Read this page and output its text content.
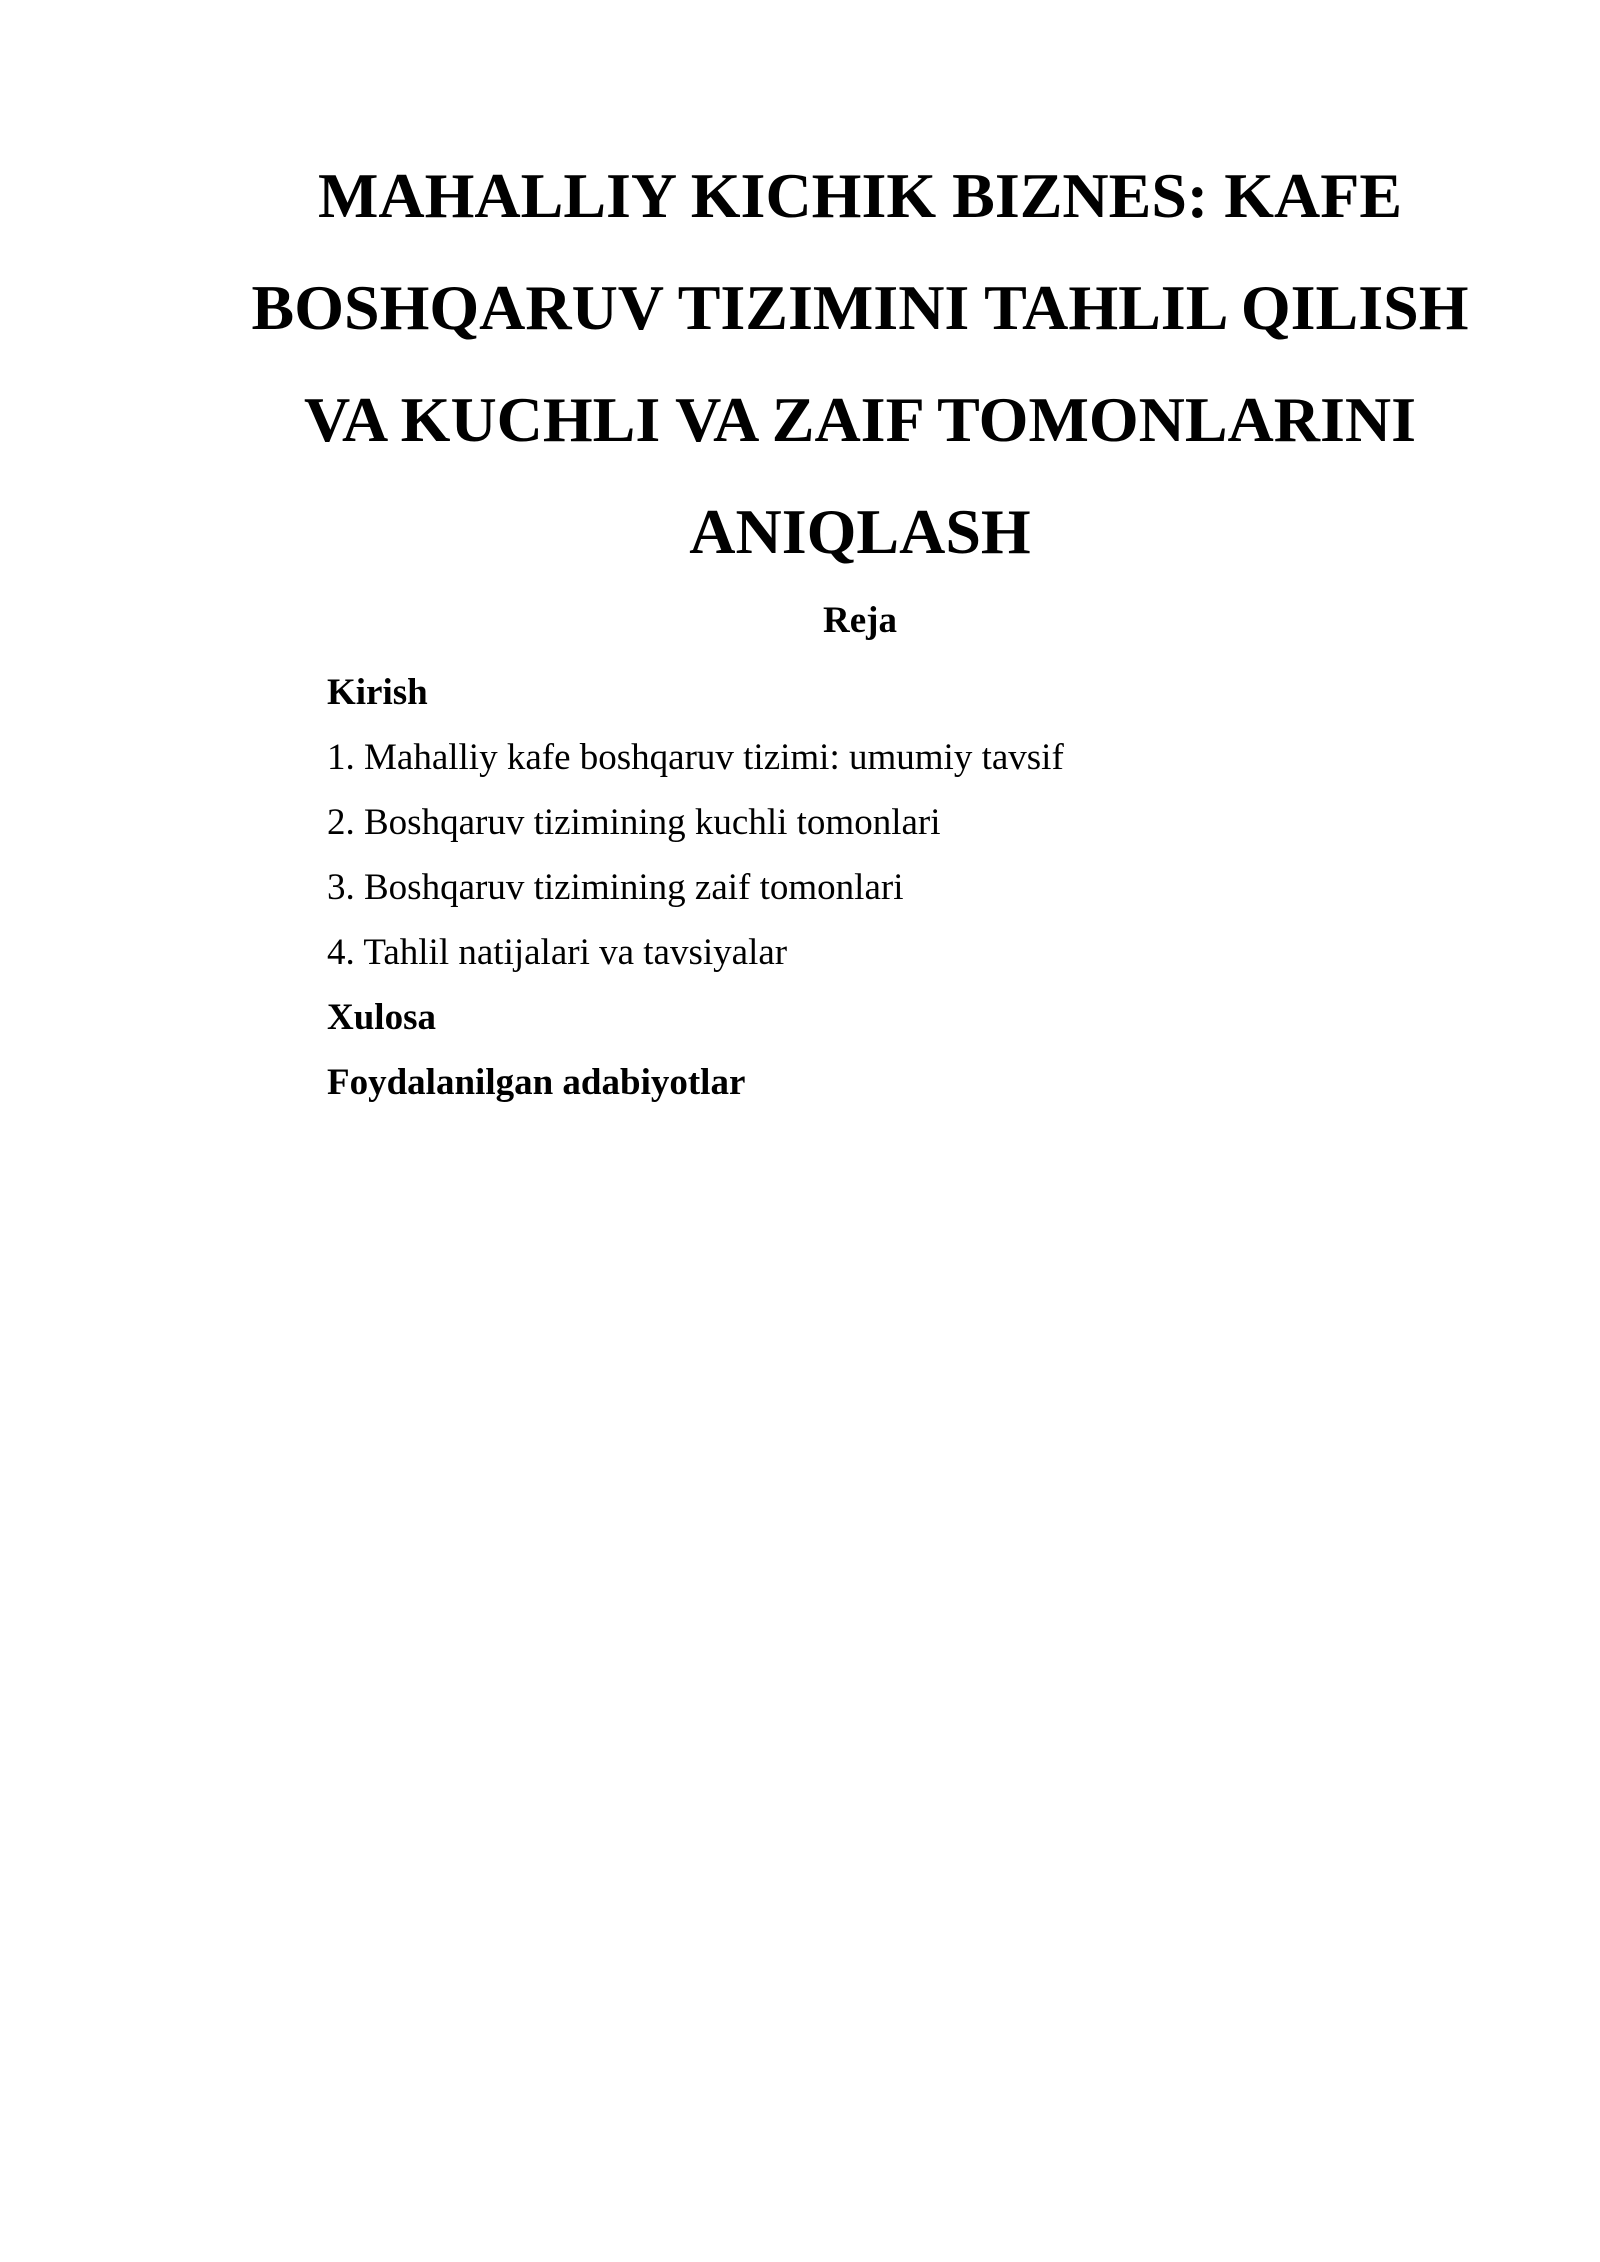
MAHALLIY KICHIK BIZNES: KAFE
BOSHQARUV TIZIMINI TAHLIL QILISH
VA KUCHLI VA ZAIF TOMONLARINI
ANIQLASH
Reja
Kirish
1. Mahalliy kafe boshqaruv tizimi: umumiy tavsif
2. Boshqaruv tizimining kuchli tomonlari
3. Boshqaruv tizimining zaif tomonlari
4. Tahlil natijalari va tavsiyalar
Xulosa
Foydalanilgan adabiyotlar
